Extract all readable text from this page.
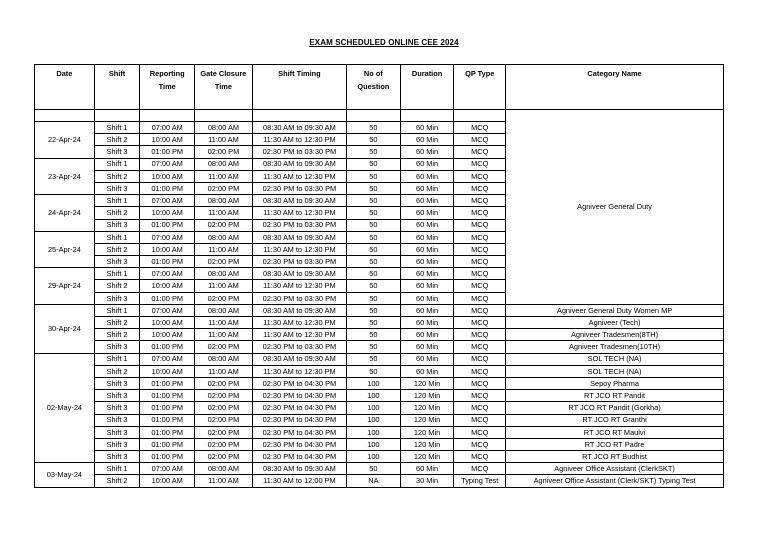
EXAM SCHEDULED ONLINE CEE 2024
Date	Shift	Reporting Time	Gate Closure Time	Shift Timing	No of Question	Duration	QP Type	Category Name
								Agniveer General Duty
22-Apr-24	Shift 1	07:00 AM	08:00 AM	08:30 AM to 09:30 AM	50	60 Min	MCQ	
	Shift 2	10:00 AM	11:00 AM	11:30 AM to 12:30 PM	50	60 Min	MCQ	
	Shift 3	01:00 PM	02:00 PM	02:30 PM to 03:30 PM	50	60 Min	MCQ	
23-Apr-24	Shift 1	07:00 AM	08:00 AM	08:30 AM to 09:30 AM	50	60 Min	MCQ	
	Shift 2	10:00 AM	11:00 AM	11:30 AM to 12:30 PM	50	60 Min	MCQ	
	Shift 3	01:00 PM	02:00 PM	02:30 PM to 03:30 PM	50	60 Min	MCQ	
24-Apr-24	Shift 1	07:00 AM	08:00 AM	08:30 AM to 09:30 AM	50	60 Min	MCQ	
	Shift 2	10:00 AM	11:00 AM	11:30 AM to 12:30 PM	50	60 Min	MCQ	
	Shift 3	01:00 PM	02:00 PM	02:30 PM to 03:30 PM	50	60 Min	MCQ	
25-Apr-24	Shift 1	07:00 AM	08:00 AM	08:30 AM to 09:30 AM	50	60 Min	MCQ	
	Shift 2	10:00 AM	11:00 AM	11:30 AM to 12:30 PM	50	60 Min	MCQ	
	Shift 3	01:00 PM	02:00 PM	02:30 PM to 03:30 PM	50	60 Min	MCQ	
29-Apr-24	Shift 1	07:00 AM	08:00 AM	08:30 AM to 09:30 AM	50	60 Min	MCQ	
	Shift 2	10:00 AM	11:00 AM	11:30 AM to 12:30 PM	50	60 Min	MCQ	
	Shift 3	01:00 PM	02:00 PM	02:30 PM to 03:30 PM	50	60 Min	MCQ	
30-Apr-24	Shift 1	07:00 AM	08:00 AM	08:30 AM to 09:30 AM	50	60 Min	MCQ	Agniveer General Duty Women MP
	Shift 2	10:00 AM	11:00 AM	11:30 AM to 12:30 PM	50	60 Min	MCQ	Agniveer (Tech)
	Shift 2	10:00 AM	11:00 AM	11:30 AM to 12:30 PM	50	60 Min	MCQ	Agniveer Tradesmen(8TH)
	Shift 3	01:00 PM	02:00 PM	02:30 PM to 03:30 PM	50	60 Min	MCQ	Agniveer Tradesmen(10TH)
02-May-24	Shift 1	07:00 AM	08:00 AM	08:30 AM to 09:30 AM	50	60 Min	MCQ	SOL TECH (NA)
	Shift 2	10:00 AM	11:00 AM	11:30 AM to 12:30 PM	50	60 Min	MCQ	SOL TECH (NA)
	Shift 3	01:00 PM	02:00 PM	02:30 PM to 04:30 PM	100	120 Min	MCQ	Sepoy Pharma
	Shift 3	01:00 PM	02:00 PM	02:30 PM to 04:30 PM	100	120 Min	MCQ	RT JCO RT Pandit
	Shift 3	01:00 PM	02:00 PM	02:30 PM to 04:30 PM	100	120 Min	MCQ	RT JCO RT Pandit (Gorkha)
	Shift 3	01:00 PM	02:00 PM	02:30 PM to 04:30 PM	100	120 Min	MCQ	RT JCO RT Granthi
	Shift 3	01:00 PM	02:00 PM	02:30 PM to 04:30 PM	100	120 Min	MCQ	RT JCO RT Maulvi
	Shift 3	01:00 PM	02:00 PM	02:30 PM to 04:30 PM	100	120 Min	MCQ	RT JCO RT Padre
	Shift 3	01:00 PM	02:00 PM	02:30 PM to 04:30 PM	100	120 Min	MCQ	RT JCO RT Budhist
03-May-24	Shift 1	07:00 AM	08:00 AM	08:30 AM to 09:30 AM	50	60 Min	MCQ	Agniveer Office Assistant (ClerkSKT)
	Shift 2	10:00 AM	11:00 AM	11:30 AM to 12:00 PM	NA	30 Min	Typing Test	Agniveer Office Assistant (Clerk/SKT) Typing Test
